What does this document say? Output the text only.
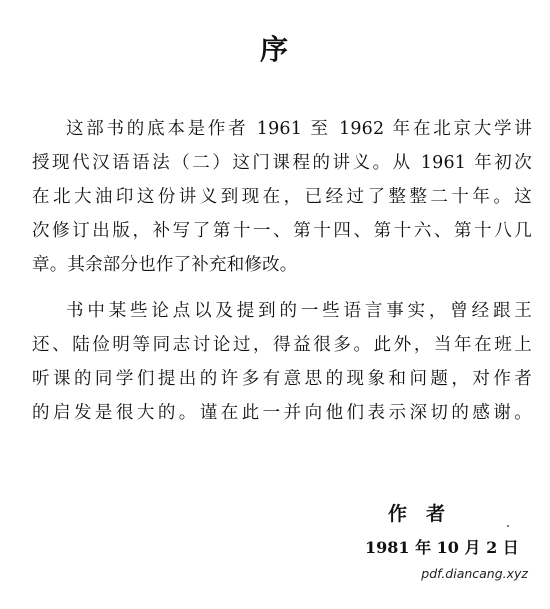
序
这部书的底本是作者 1961 至 1962 年在北京大学讲
授现代汉语语法（二）这门课程的讲义。从 1961 年初次
在北大油印这份讲义到现在，已经过了整整二十年。这
次修订出版，补写了第十一、第十四、第十六、第十八几
章。其余部分也作了补充和修改。
书中某些论点以及提到的一些语言事实，曾经跟王
还、陆俭明等同志讨论过，得益很多。此外，当年在班上
听课的同学们提出的许多有意思的现象和问题，对作者
的启发是很大的。谨在此一并向他们表示深切的感谢。
作　者
1981 年 10 月 2 日
pdf.diancang.xyz
